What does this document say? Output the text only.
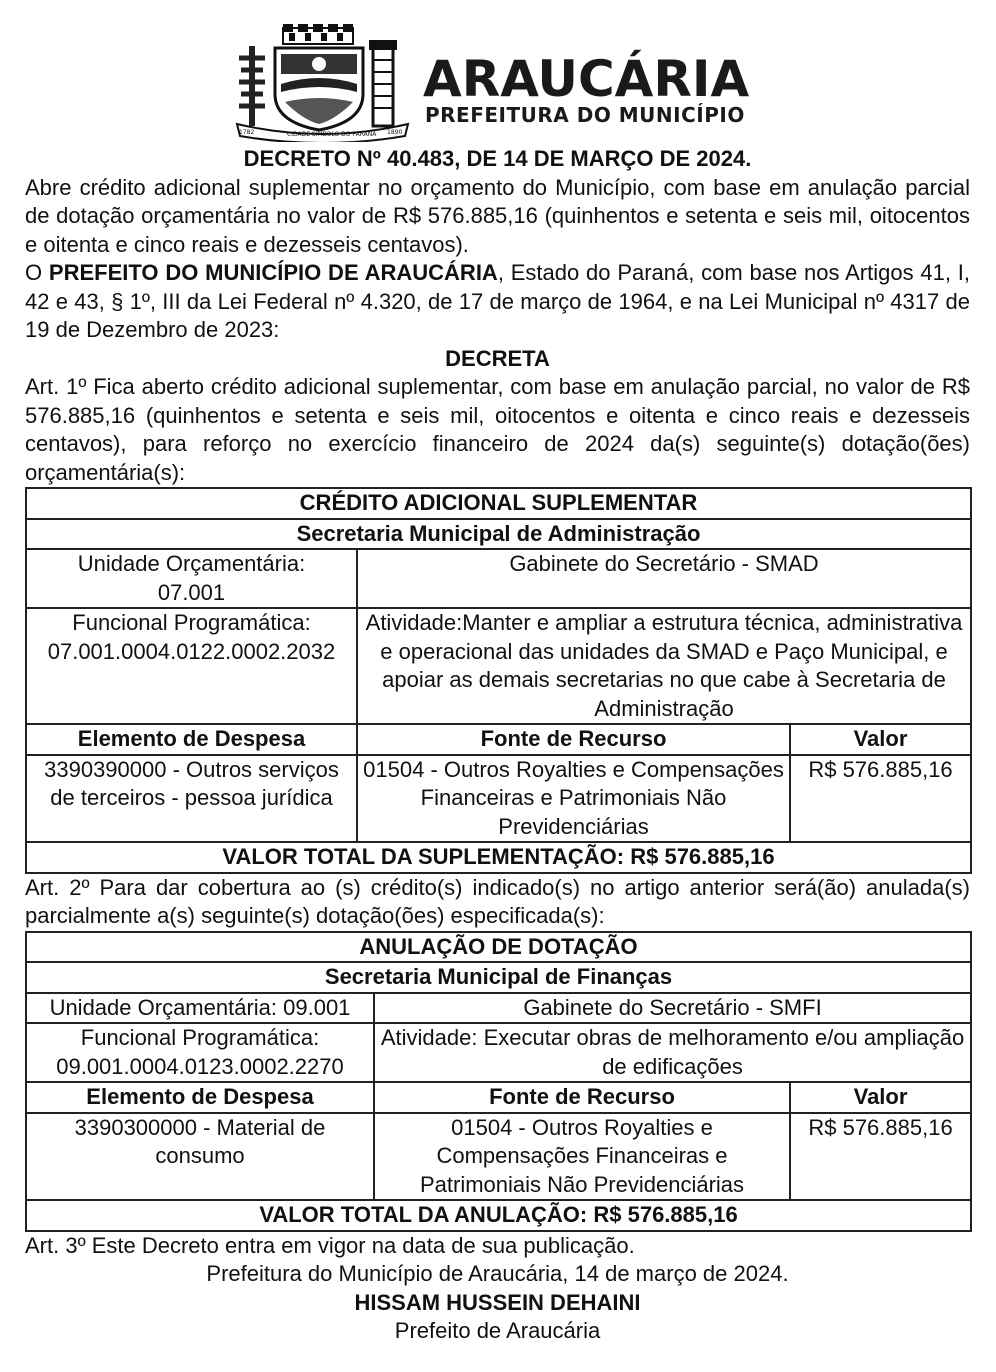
1782	CIDADE SÍMBOLO DO PARANÁ 1890
ARAUCÁRIA
PREFEITURA DO MUNICÍPIO
DECRETO Nº 40.483, DE 14 DE MARÇO DE 2024.

Abre crédito adicional suplementar no orçamento do Município, com base em anulação parcial de dotação orçamentária no valor de R$ 576.885,16 (quinhentos e setenta e seis mil, oitocentos e oitenta e cinco reais e dezesseis centavos).

O PREFEITO DO MUNICÍPIO DE ARAUCÁRIA, Estado do Paraná, com base nos Artigos 41, I, 42 e 43, § 1º, III da Lei Federal nº 4.320, de 17 de março de 1964, e na Lei Municipal nº 4317 de 19 de Dezembro de 2023:

DECRETA

Art. 1º Fica aberto crédito adicional suplementar, com base em anulação parcial, no valor de R$ 576.885,16 (quinhentos e setenta e seis mil, oitocentos e oitenta e cinco reais e dezesseis centavos), para reforço no exercício financeiro de 2024 da(s) seguinte(s) dotação(ões) orçamentária(s):

CRÉDITO ADICIONAL SUPLEMENTAR		
Secretaria Municipal de Administração		
Unidade Orçamentária:
07.001	Gabinete do Secretário - SMAD	
Funcional Programática:
07.001.0004.0122.0002.2032	Atividade:Manter e ampliar a estrutura técnica, administrativa e operacional das unidades da SMAD e Paço Municipal, e apoiar as demais secretarias no que cabe à Secretaria de Administração	
Elemento de Despesa	Fonte de Recurso	Valor
3390390000 - Outros serviços de terceiros - pessoa jurídica	01504 - Outros Royalties e Compensações Financeiras e Patrimoniais Não Previdenciárias	R$ 576.885,16
VALOR TOTAL DA SUPLEMENTAÇÃO: R$ 576.885,16		

Art. 2º Para dar cobertura ao (s) crédito(s) indicado(s) no artigo anterior será(ão) anulada(s) parcialmente a(s) seguinte(s) dotação(ões) especificada(s):

ANULAÇÃO DE DOTAÇÃO		
Secretaria Municipal de Finanças		
Unidade Orçamentária: 09.001	Gabinete do Secretário - SMFI	
Funcional Programática:
09.001.0004.0123.0002.2270	Atividade: Executar obras de melhoramento e/ou ampliação de edificações	
Elemento de Despesa	Fonte de Recurso	Valor
3390300000 - Material de consumo	01504 - Outros Royalties e Compensações Financeiras e Patrimoniais Não Previdenciárias	R$ 576.885,16
VALOR TOTAL DA ANULAÇÃO: R$ 576.885,16		

Art. 3º Este Decreto entra em vigor na data de sua publicação.

Prefeitura do Município de Araucária, 14 de março de 2024.
HISSAM HUSSEIN DEHAINI
Prefeito de Araucária
